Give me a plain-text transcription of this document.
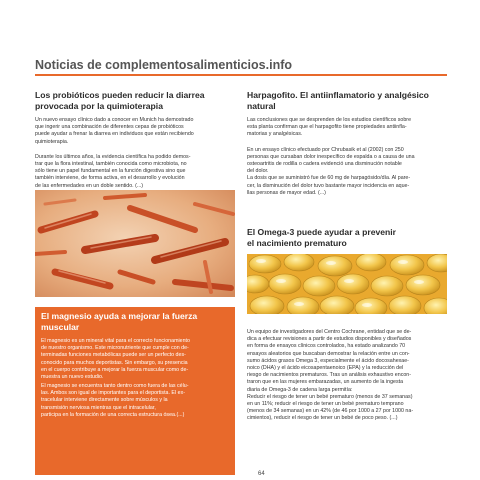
Noticias de complementosalimenticios.info
Los probióticos pueden reducir la diarrea
provocada por la quimioterapia
Un nuevo ensayo clínico dado a conocer en Munich ha demostrado
que ingerir una combinación de diferentes cepas de probióticos
puede ayudar a frenar la diarrea en individuos que están recibiendo
quimioterapia.
Durante los últimos años, la evidencia científica ha podido demos-
trar que la flora intestinal, también conocida como microbiota, no
sólo tiene un papel fundamental en la función digestiva sino que
también interviene, de forma activa, en el desarrollo y evolución
de las enfermedades en un doble sentido. (...)
El magnesio ayuda a mejorar la fuerza
muscular
El magnesio es un mineral vital para el correcto funcionamiento
de nuestro organismo. Este micronutriente que cumple con de-
terminadas funciones metabólicas puede ser un perfecto des-
conocido para muchos deportistas. Sin embargo, su presencia
en el cuerpo contribuye a mejorar la fuerza muscular como de-
muestra un nuevo estudio.
El magnesio se encuentra tanto dentro como fuera de las célu-
las. Ambos son igual de importantes para el deportista. El ex-
tracelular interviene directamente sobre músculos y la
transmisión nerviosa mientras que el intracelular,
participa en la formación de una correcta estructura ósea.(...)
Harpagofito. El antiinflamatorio y analgésico
natural
Las conclusiones que se desprenden de los estudios científicos sobre
esta planta confirman que el harpagofito tiene propiedades antiinfla-
matorias y analgésicas.
En un ensayo clínico efectuado por Chrubasik et al (2002) con 250
personas que cursaban dolor inespecífico de espalda o a causa de una
osteoartritis de rodilla o cadera evidenció una disminución notable
del dolor.
La dosis que se suministró fue de 60 mg de harpagósido/día. Al pare-
cer, la disminución del dolor tuvo bastante mayor incidencia en aque-
llas personas de mayor edad. (...)
El Omega-3 puede ayudar a prevenir
el nacimiento prematuro
Un equipo de investigadores del Centro Cochrane, entidad que se de-
dica a efectuar revisiones a partir de estudios disponibles y diseñados
en forma de ensayos clínicos controlados, ha estado analizando 70
ensayos aleatorios que buscaban demostrar la relación entre un con-
sumo ácidos grasos Omega 3, especialmente el ácido docosahexae-
noico (DHA) y el ácido eicosapentaenoico (EPA) y la reducción del
riesgo de nacimientos prematuros. Tras un análisis exhaustivo encon-
traron que en las mujeres embarazadas, un aumento de la ingesta
diaria de Omega-3 de cadena larga permitía:
Reducir el riesgo de tener un bebé prematuro (menos de 37 semanas)
en un 11%; reducir el riesgo de tener un bebé prematuro temprano
(menos de 34 semanas) en un 42% (de 46 por 1000 a 27 por 1000 na-
cimientos), reducir el riesgo de tener un bebé de poco peso. (...)
64
